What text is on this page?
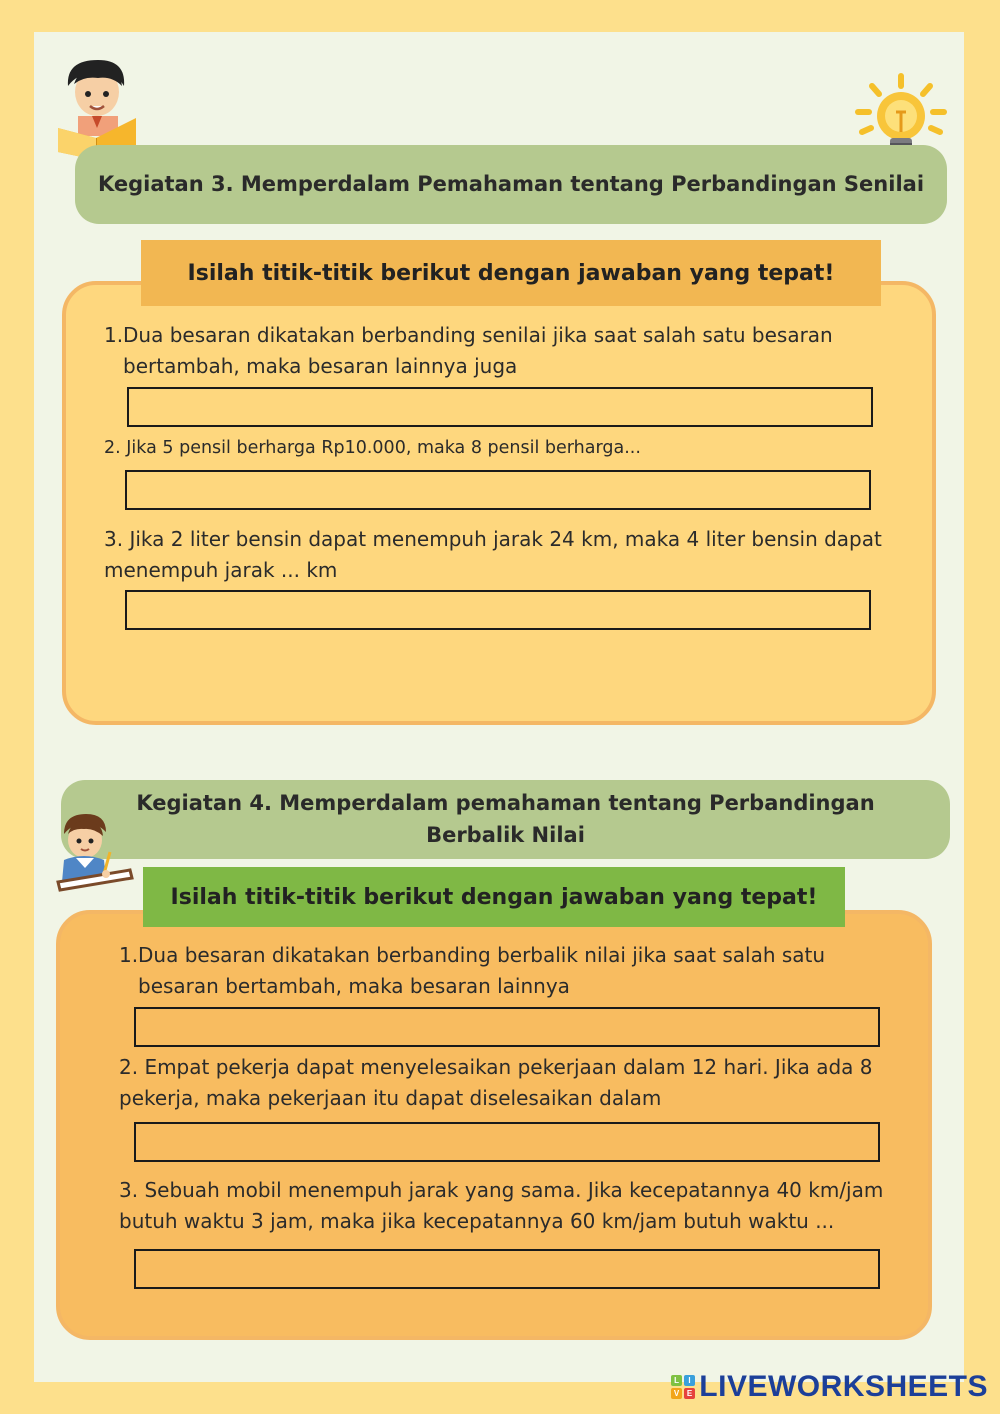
Kegiatan 3. Memperdalam Pemahaman tentang Perbandingan Senilai
Isilah titik-titik berikut dengan jawaban yang tepat!
1. Dua besaran dikatakan berbanding senilai jika saat salah satu besaran
bertambah, maka besaran lainnya juga
2. Jika 5 pensil berharga Rp10.000, maka 8 pensil berharga...
3. Jika 2 liter bensin dapat menempuh jarak 24 km, maka 4 liter bensin dapat
menempuh jarak ... km
Kegiatan 4. Memperdalam pemahaman tentang Perbandingan
Berbalik Nilai
Isilah titik-titik berikut dengan jawaban yang tepat!
1. Dua besaran dikatakan berbanding berbalik nilai jika saat salah satu
besaran bertambah, maka besaran lainnya
2. Empat pekerja dapat menyelesaikan pekerjaan dalam 12 hari. Jika ada 8
pekerja, maka pekerjaan itu dapat diselesaikan dalam
3. Sebuah mobil menempuh jarak yang sama. Jika kecepatannya 40 km/jam
butuh waktu 3 jam, maka jika kecepatannya 60 km/jam butuh waktu ...
L	I
V E LIVEWORKSHEETS
